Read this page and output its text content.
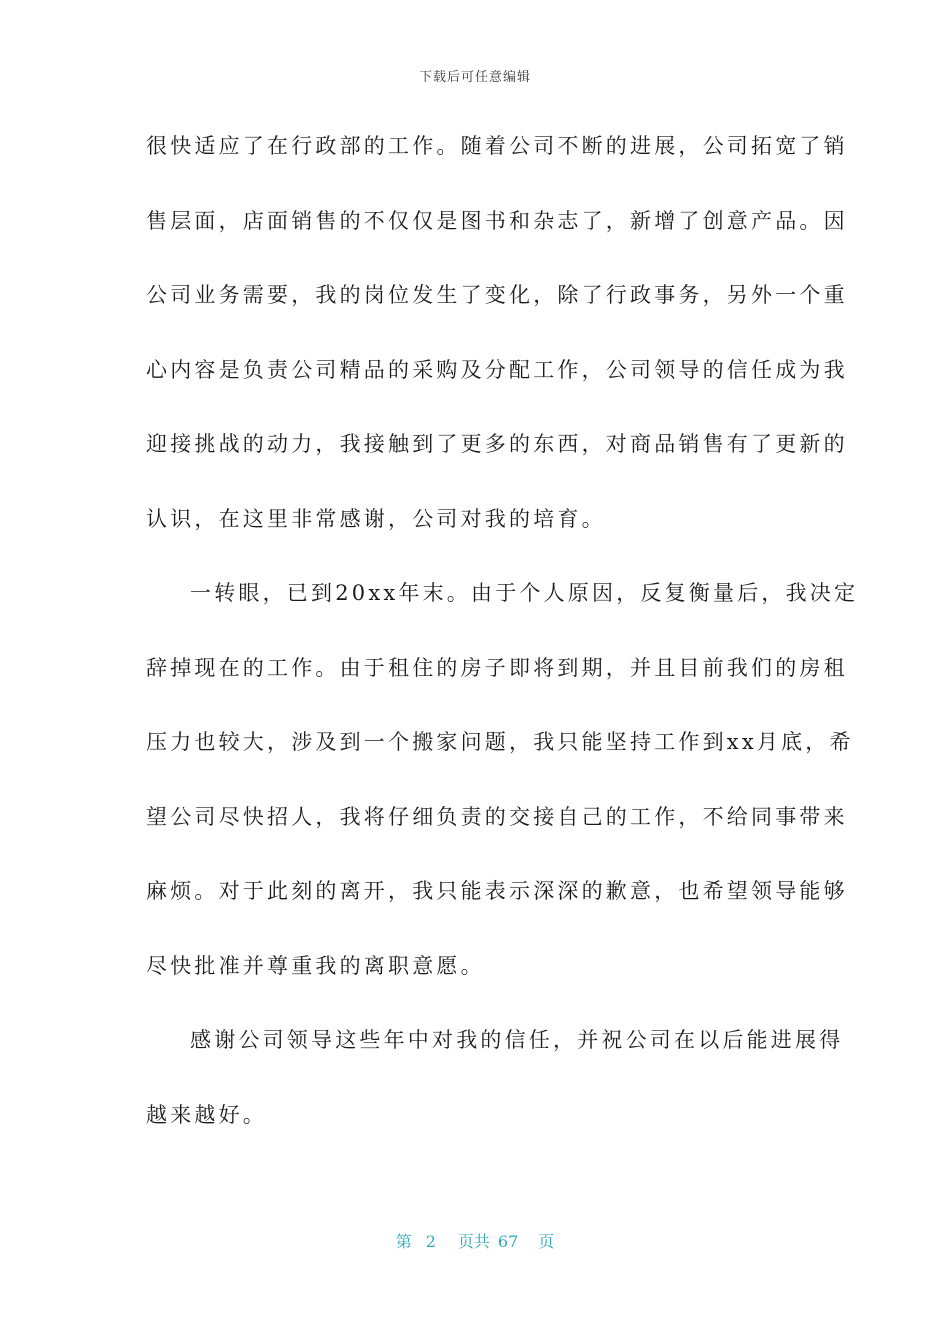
下载后可任意编辑
很快适应了在行政部的工作。随着公司不断的进展，公司拓宽了销
售层面，店面销售的不仅仅是图书和杂志了，新增了创意产品。因
公司业务需要，我的岗位发生了变化，除了行政事务，另外一个重
心内容是负责公司精品的采购及分配工作，公司领导的信任成为我
迎接挑战的动力，我接触到了更多的东西，对商品销售有了更新的
认识，在这里非常感谢，公司对我的培育。
一转眼，已到20xx年末。由于个人原因，反复衡量后，我决定
辞掉现在的工作。由于租住的房子即将到期，并且目前我们的房租
压力也较大，涉及到一个搬家问题，我只能坚持工作到xx月底，希
望公司尽快招人，我将仔细负责的交接自己的工作，不给同事带来
麻烦。对于此刻的离开，我只能表示深深的歉意，也希望领导能够
尽快批准并尊重我的离职意愿。
感谢公司领导这些年中对我的信任，并祝公司在以后能进展得
越来越好。
第 2 页共 67 页
